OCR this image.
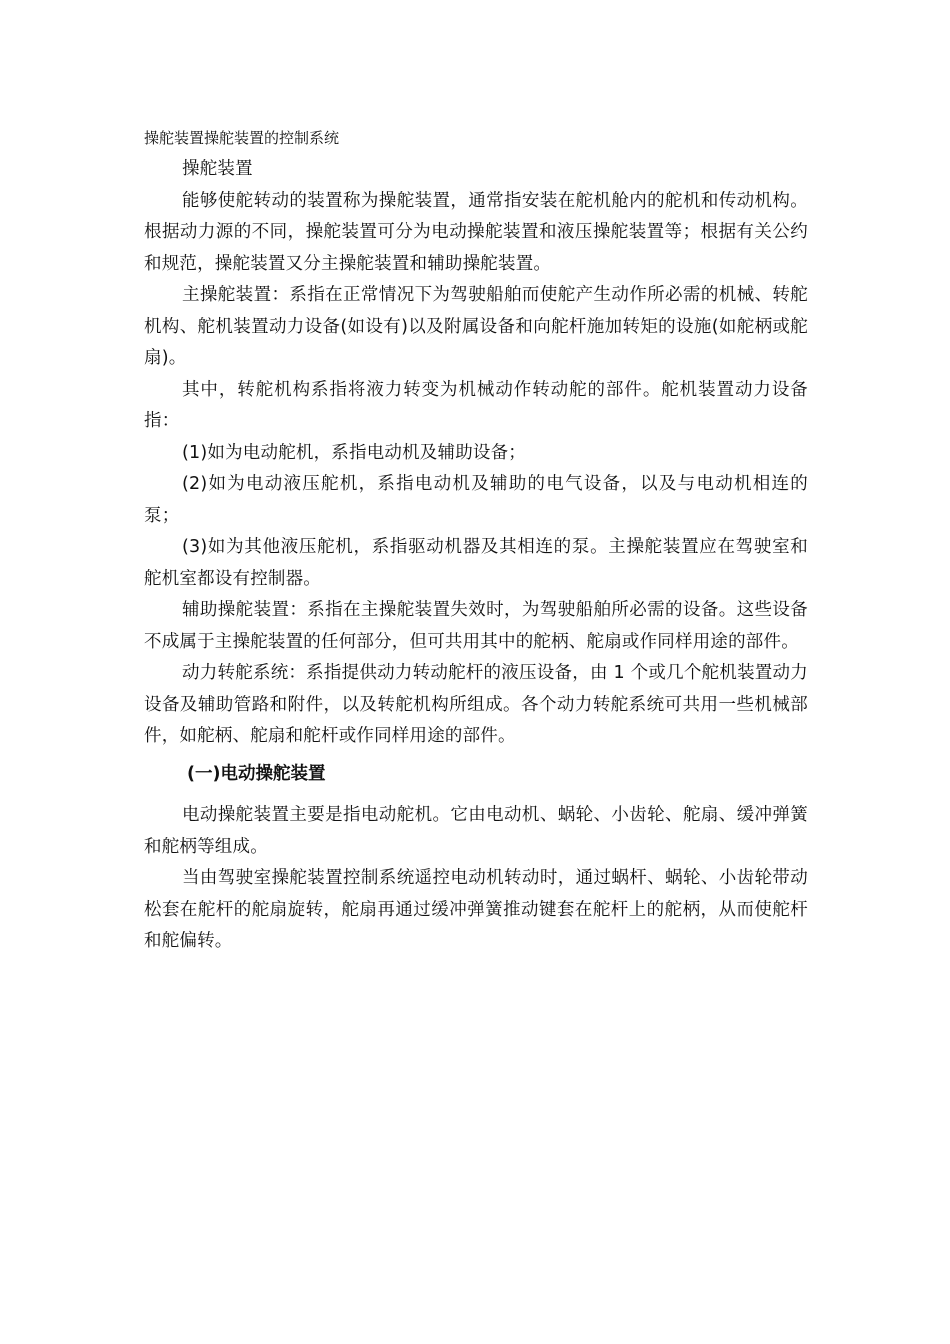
操舵装置操舵装置的控制系统

操舵装置

能够使舵转动的装置称为操舵装置，通常指安装在舵机舱内的舵机和传动机构。根据动力源的不同，操舵装置可分为电动操舵装置和液压操舵装置等；根据有关公约和规范，操舵装置又分主操舵装置和辅助操舵装置。

主操舵装置：系指在正常情况下为驾驶船舶而使舵产生动作所必需的机械、转舵机构、舵机装置动力设备(如设有)以及附属设备和向舵杆施加转矩的设施(如舵柄或舵扇)。

其中，转舵机构系指将液力转变为机械动作转动舵的部件。舵机装置动力设备指：

(1)如为电动舵机，系指电动机及辅助设备；

(2)如为电动液压舵机，系指电动机及辅助的电气设备，以及与电动机相连的泵；

(3)如为其他液压舵机，系指驱动机器及其相连的泵。主操舵装置应在驾驶室和舵机室都设有控制器。

辅助操舵装置：系指在主操舵装置失效时，为驾驶船舶所必需的设备。这些设备不成属于主操舵装置的任何部分，但可共用其中的舵柄、舵扇或作同样用途的部件。

动力转舵系统：系指提供动力转动舵杆的液压设备，由 1 个或几个舵机装置动力设备及辅助管路和附件，以及转舵机构所组成。各个动力转舵系统可共用一些机械部件，如舵柄、舵扇和舵杆或作同样用途的部件。

(一)电动操舵装置

电动操舵装置主要是指电动舵机。它由电动机、蜗轮、小齿轮、舵扇、缓冲弹簧和舵柄等组成。

当由驾驶室操舵装置控制系统遥控电动机转动时，通过蜗杆、蜗轮、小齿轮带动松套在舵杆的舵扇旋转，舵扇再通过缓冲弹簧推动键套在舵杆上的舵柄，从而使舵杆和舵偏转。
